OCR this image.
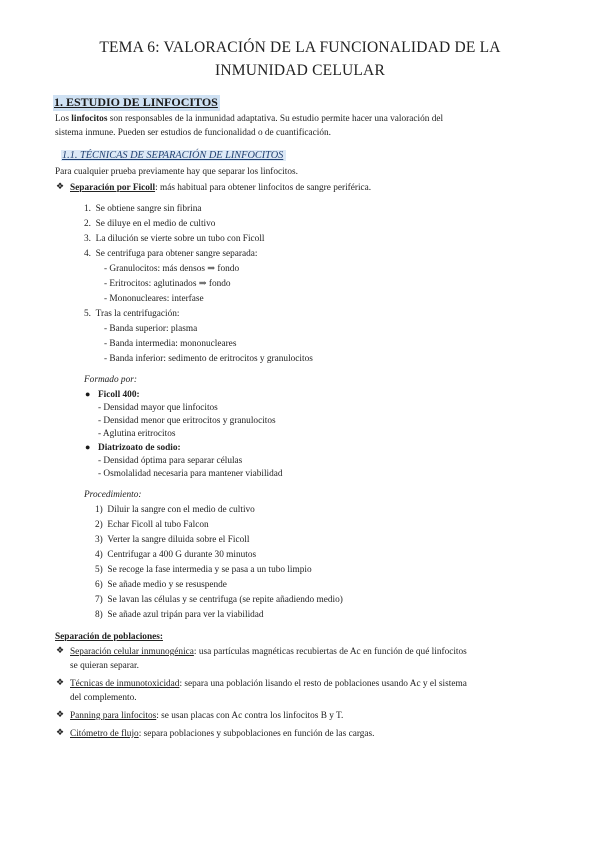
TEMA 6: VALORACIÓN DE LA FUNCIONALIDAD DE LA
INMUNIDAD CELULAR
1. ESTUDIO DE LINFOCITOS
Los linfocitos son responsables de la inmunidad adaptativa. Su estudio permite hacer una valoración del
sistema inmune. Pueden ser estudios de funcionalidad o de cuantificación.
1.1. TÉCNICAS DE SEPARACIÓN DE LINFOCITOS
Para cualquier prueba previamente hay que separar los linfocitos.
❖ Separación por Ficoll: más habitual para obtener linfocitos de sangre periférica.
1. Se obtiene sangre sin fibrina
2. Se diluye en el medio de cultivo
3. La dilución se vierte sobre un tubo con Ficoll
4. Se centrifuga para obtener sangre separada:
- Granulocitos: más densos ⇒ fondo
- Eritrocitos: aglutinados ⇒ fondo
- Mononucleares: interfase
5. Tras la centrifugación:
- Banda superior: plasma
- Banda intermedia: mononucleares
- Banda inferior: sedimento de eritrocitos y granulocitos
Formado por:
● Ficoll 400:
- Densidad mayor que linfocitos
- Densidad menor que eritrocitos y granulocitos
- Aglutina eritrocitos
● Diatrizoato de sodio:
- Densidad óptima para separar células
- Osmolalidad necesaria para mantener viabilidad
Procedimiento:
1) Diluir la sangre con el medio de cultivo
2) Echar Ficoll al tubo Falcon
3) Verter la sangre diluida sobre el Ficoll
4) Centrifugar a 400 G durante 30 minutos
5) Se recoge la fase intermedia y se pasa a un tubo limpio
6) Se añade medio y se resuspende
7) Se lavan las células y se centrifuga (se repite añadiendo medio)
8) Se añade azul tripán para ver la viabilidad
Separación de poblaciones:
❖ Separación celular inmunogénica: usa partículas magnéticas recubiertas de Ac en función de qué linfocitos
se quieran separar.
❖ Técnicas de inmunotoxicidad: separa una población lisando el resto de poblaciones usando Ac y el sistema
del complemento.
❖ Panning para linfocitos: se usan placas con Ac contra los linfocitos B y T.
❖ Citómetro de flujo: separa poblaciones y subpoblaciones en función de las cargas.
